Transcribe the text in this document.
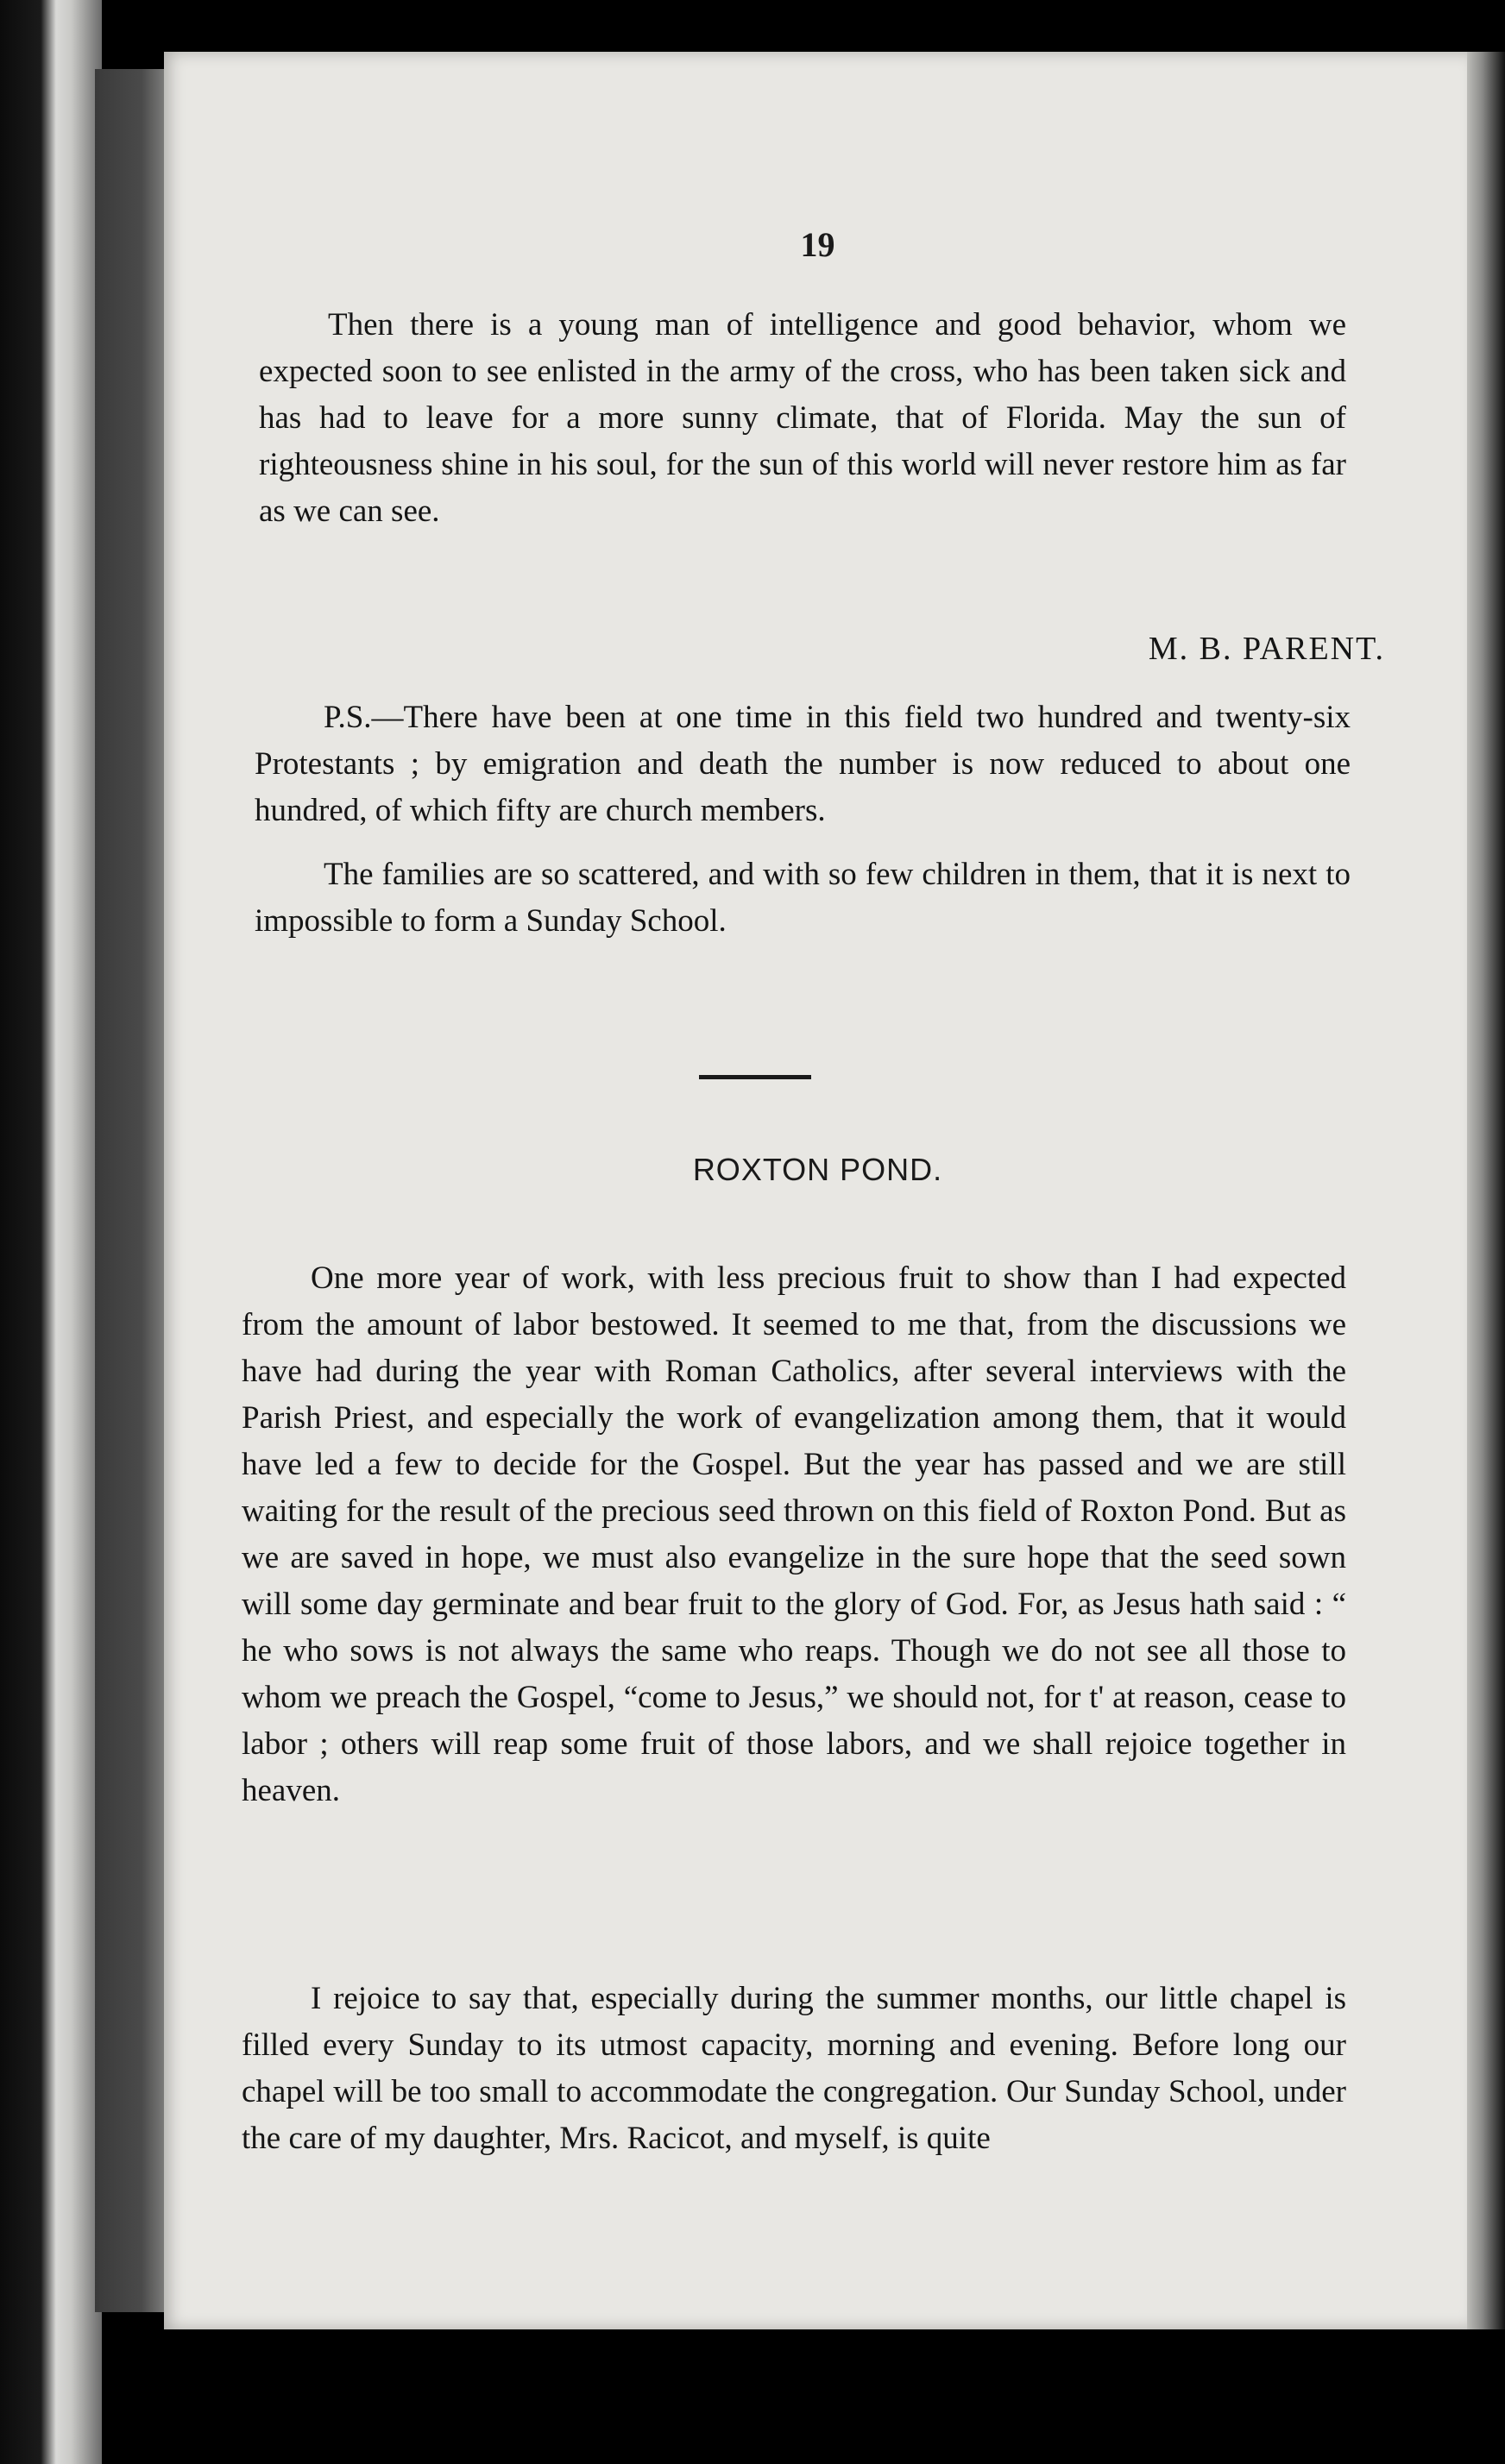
19

Then there is a young man of intelligence and good behavior, whom we expected soon to see enlisted in the army of the cross, who has been taken sick and has had to leave for a more sunny climate, that of Florida. May the sun of righteousness shine in his soul, for the sun of this world will never restore him as far as we can see.

M. B. PARENT.

P.S.—There have been at one time in this field two hundred and twenty-six Protestants ; by emigration and death the number is now reduced to about one hundred, of which fifty are church members.

The families are so scattered, and with so few children in them, that it is next to impossible to form a Sunday School.

ROXTON POND.

One more year of work, with less precious fruit to show than I had expected from the amount of labor bestowed. It seemed to me that, from the discussions we have had during the year with Roman Catholics, after several interviews with the Parish Priest, and especially the work of evangelization among them, that it would have led a few to decide for the Gospel. But the year has passed and we are still waiting for the result of the precious seed thrown on this field of Roxton Pond. But as we are saved in hope, we must also evangelize in the sure hope that the seed sown will some day germinate and bear fruit to the glory of God. For, as Jesus hath said : “ he who sows is not always the same who reaps. Though we do not see all those to whom we preach the Gospel, “come to Jesus,” we should not, for t' at reason, cease to labor ; others will reap some fruit of those labors, and we shall rejoice together in heaven.

I rejoice to say that, especially during the summer months, our little chapel is filled every Sunday to its utmost capacity, morning and evening. Before long our chapel will be too small to accommodate the congregation. Our Sunday School, under the care of my daughter, Mrs. Racicot, and myself, is quite
